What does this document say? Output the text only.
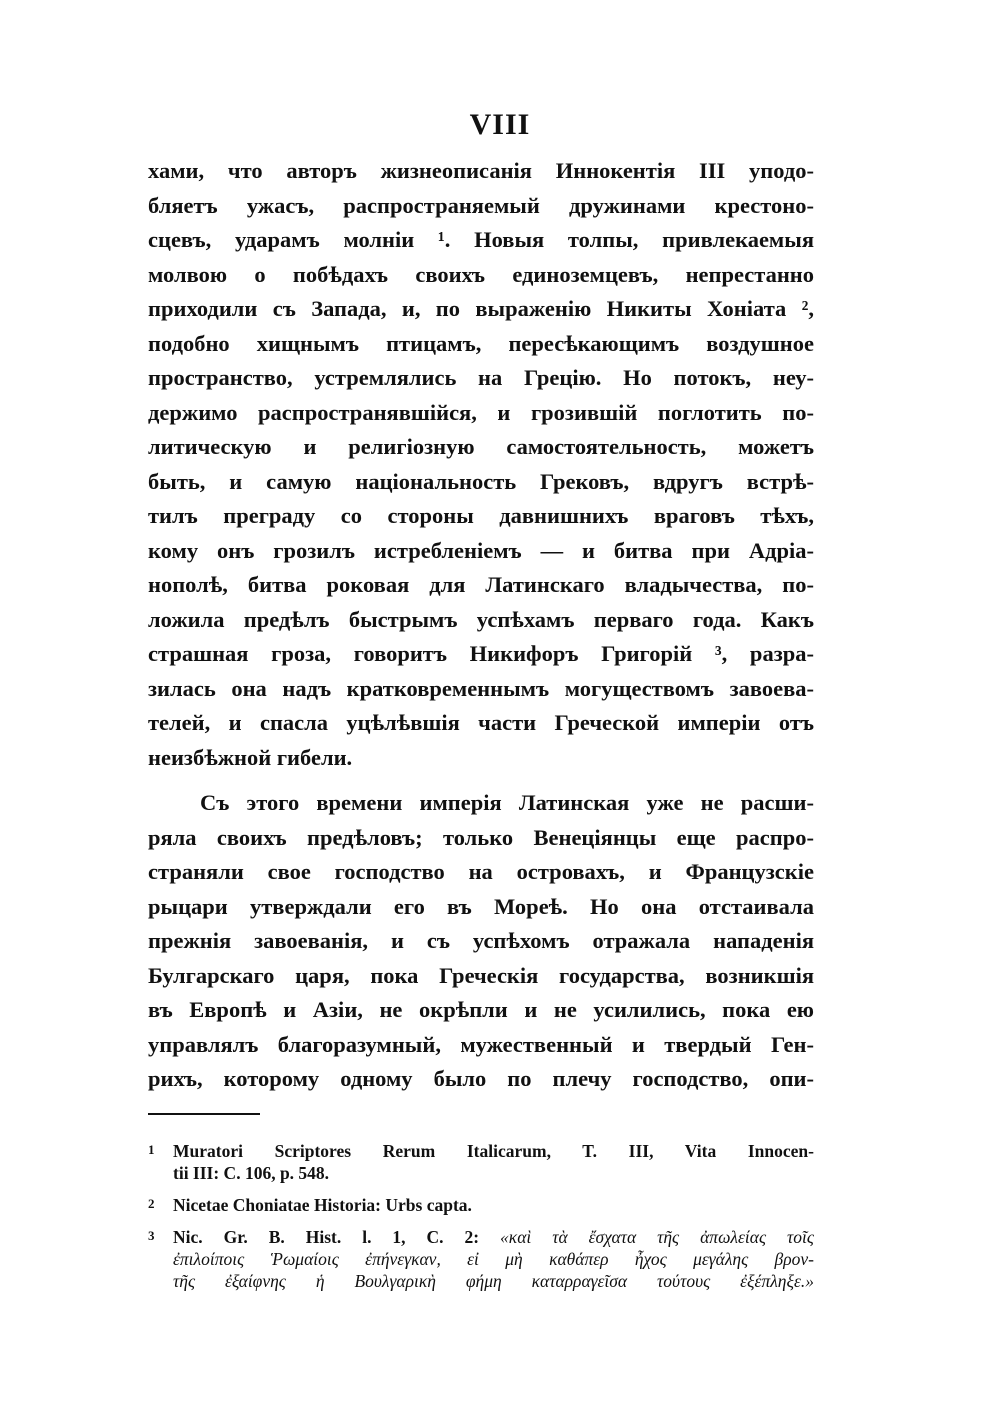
VIII
хами, что авторъ жизнеописанія Иннокентія III уподо-
бляетъ ужасъ, распространяемый дружинами крестоно-
сцевъ, ударамъ молніи ¹. Новыя толпы, привлекаемыя
молвою о побѣдахъ своихъ единоземцевъ, непрестанно
приходили съ Запада, и, по выраженію Никиты Хоніата ²,
подобно хищнымъ птицамъ, пересѣкающимъ воздушное
пространство, устремлялись на Грецію. Но потокъ, неу-
держимо распространявшійся, и грозившій поглотить по-
литическую и религіозную самостоятельность, можетъ
быть, и самую національность Грековъ, вдругъ встрѣ-
тилъ преграду со стороны давнишнихъ враговъ тѣхъ,
кому онъ грозилъ истребленіемъ — и битва при Адріа-
нополѣ, битва роковая для Латинскаго владычества, по-
ложила предѣлъ быстрымъ успѣхамъ перваго года. Какъ
страшная гроза, говоритъ Никифоръ Григорій ³, разра-
зилась она надъ кратковременнымъ могуществомъ завоева-
телей, и спасла уцѣлѣвшія части Греческой имперіи отъ
неизбѣжной гибели.
Съ этого времени имперія Латинская уже не расши-
ряла своихъ предѣловъ; только Венеціянцы еще распро-
страняли свое господство на островахъ, и Французскіе
рыцари утверждали его въ Мореѣ. Но она отстаивала
прежнія завоеванія, и съ успѣхомъ отражала нападенія
Булгарскаго царя, пока Греческія государства, возникшія
въ Европѣ и Азіи, не окрѣпли и не усилились, пока ею
управлялъ благоразумный, мужественный и твердый Ген-
рихъ, которому одному было по плечу господство, опи-
1 Muratori Scriptores Rerum Italicarum, T. III, Vita Innocen-
tii III: C. 106, p. 548.
2 Nicetae Choniatae Historia: Urbs capta.
3 Nic. Gr. B. Hist. l. 1, C. 2: «καὶ τὰ ἔσχατα τῆς ἀπωλείας τοῖς
ἐπιλοίποις Ῥωμαίοις ἐπήνεγκαν, εἰ μὴ καθάπερ ἦχος μεγάλης βρον-
τῆς ἐξαίφνης ἡ Βουλγαρικὴ φήμη καταρραγεῖσα τούτους ἐξέπληξε.»
